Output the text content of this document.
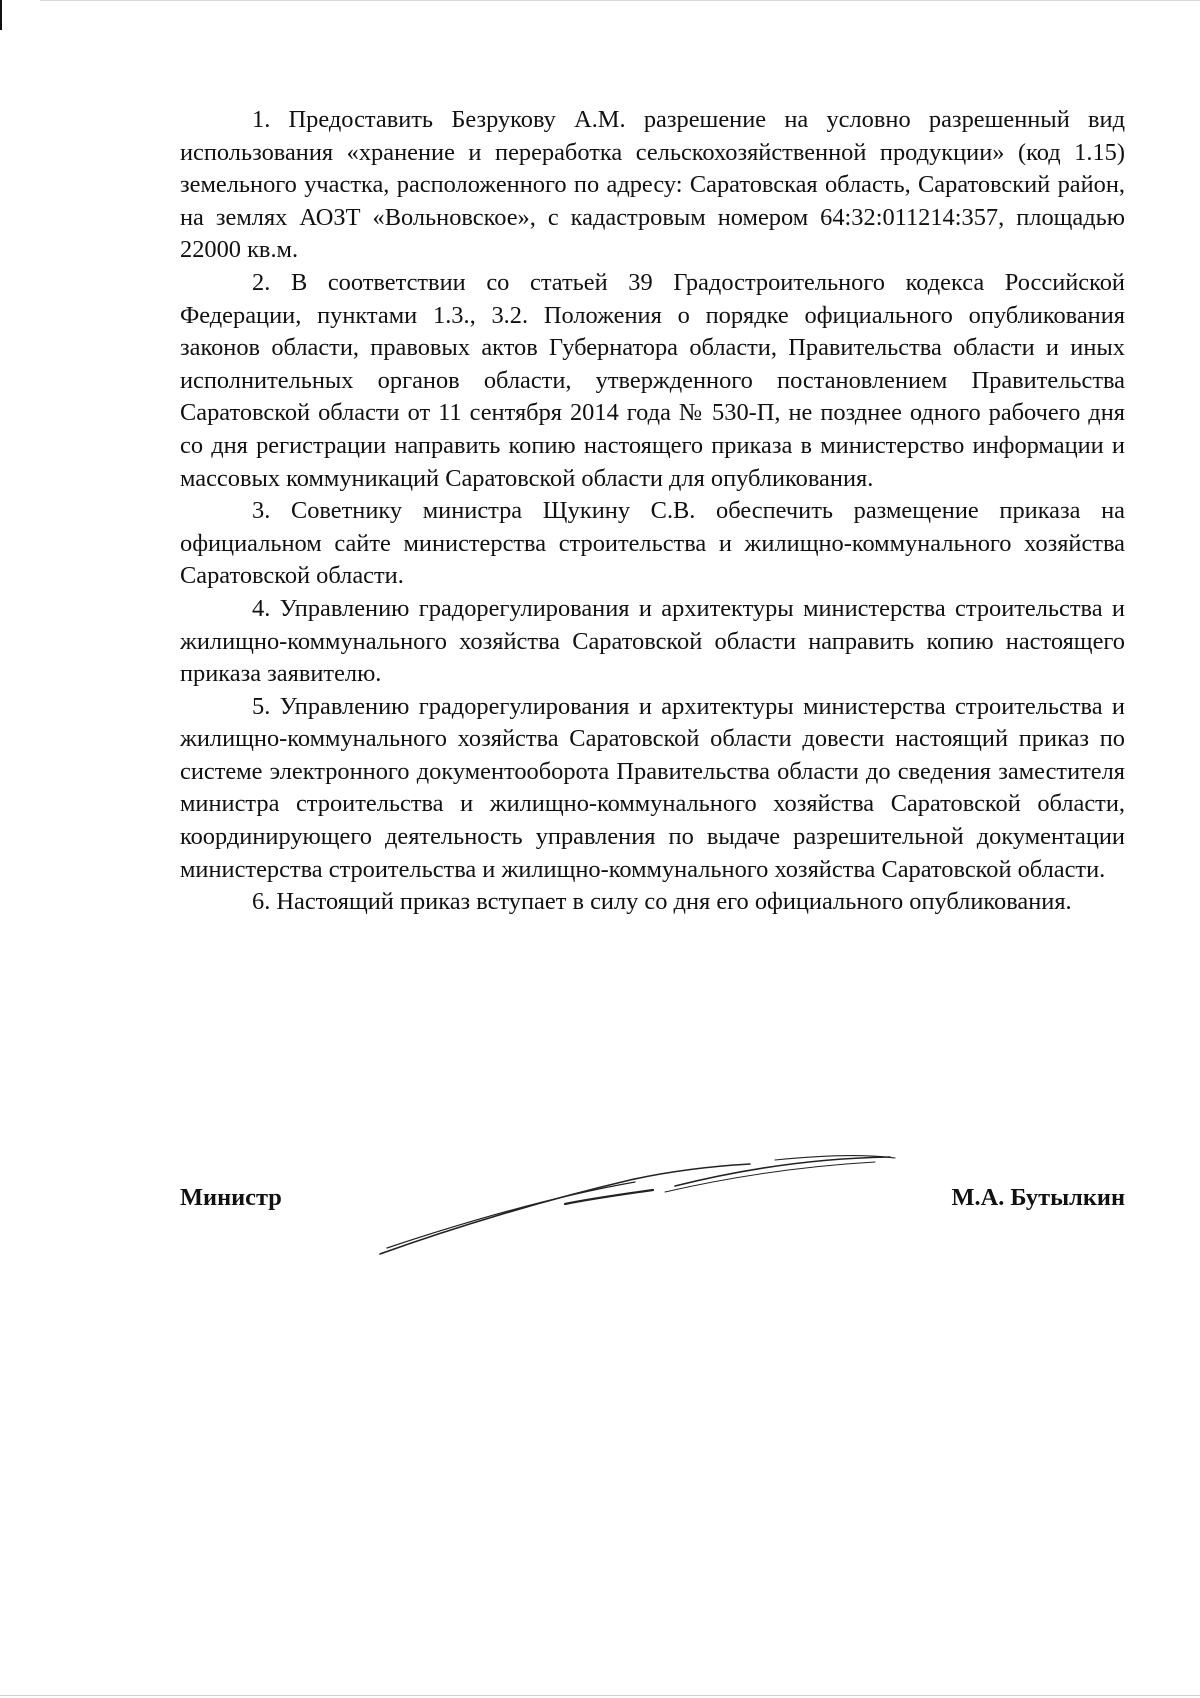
1. Предоставить Безрукову А.М. разрешение на условно разрешенный вид использования «хранение и переработка сельскохозяйственной продукции» (код 1.15) земельного участка, расположенного по адресу: Саратовская область, Саратовский район, на землях АОЗТ «Вольновское», с кадастровым номером 64:32:011214:357, площадью 22000 кв.м.

2. В соответствии со статьей 39 Градостроительного кодекса Российской Федерации, пунктами 1.3., 3.2. Положения о порядке официального опубликования законов области, правовых актов Губернатора области, Правительства области и иных исполнительных органов области, утвержденного постановлением Правительства Саратовской области от 11 сентября 2014 года № 530-П, не позднее одного рабочего дня со дня регистрации направить копию настоящего приказа в министерство информации и массовых коммуникаций Саратовской области для опубликования.

3. Советнику министра Щукину С.В. обеспечить размещение приказа на официальном сайте министерства строительства и жилищно-коммунального хозяйства Саратовской области.

4. Управлению градорегулирования и архитектуры министерства строительства и жилищно-коммунального хозяйства Саратовской области направить копию настоящего приказа заявителю.

5. Управлению градорегулирования и архитектуры министерства строительства и жилищно-коммунального хозяйства Саратовской области довести настоящий приказ по системе электронного документооборота Правительства области до сведения заместителя министра строительства и жилищно-коммунального хозяйства Саратовской области, координирующего деятельность управления по выдаче разрешительной документации министерства строительства и жилищно-коммунального хозяйства Саратовской области.

6. Настоящий приказ вступает в силу со дня его официального опубликования.

Министр	М.А. Бутылкин
